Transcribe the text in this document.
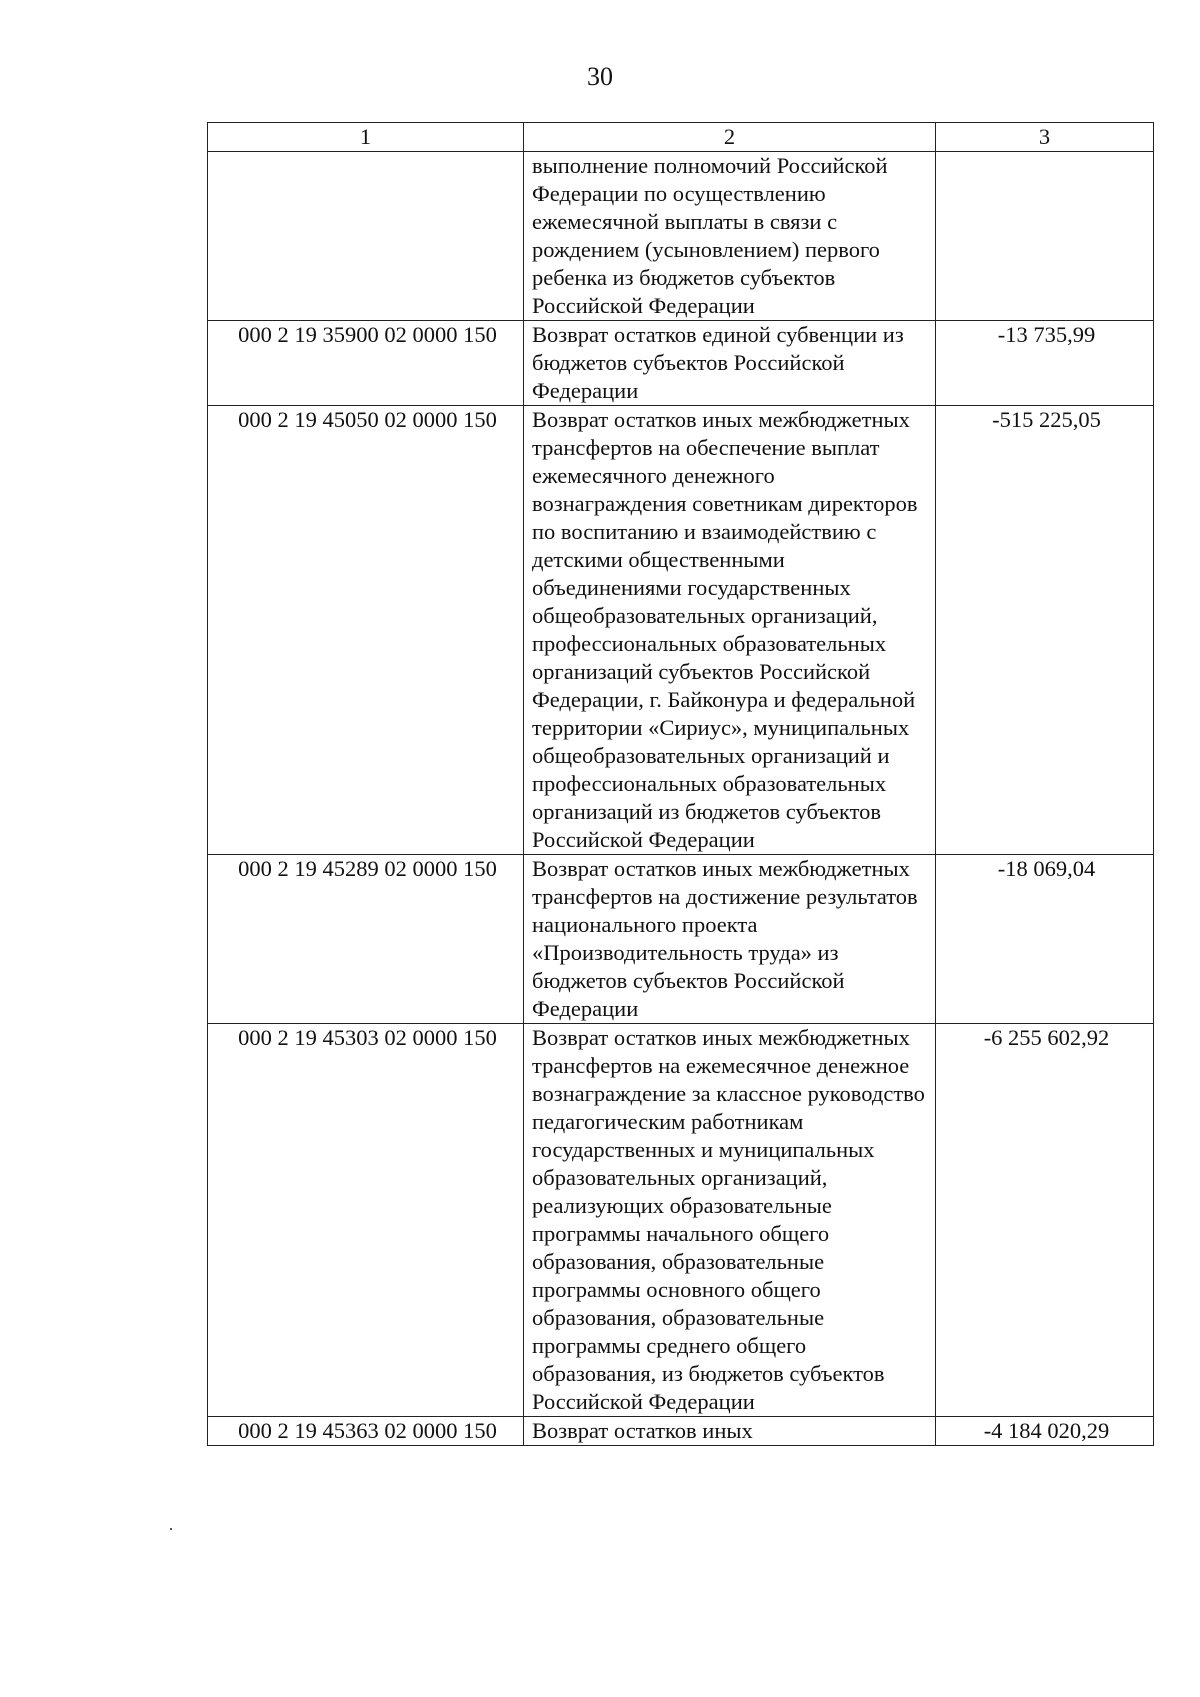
30
1	2	3
	выполнение полномочий Российской Федерации по осуществлению ежемесячной выплаты в связи с рождением (усыновлением) первого ребенка из бюджетов субъектов Российской Федерации	
000 2 19 35900 02 0000 150	Возврат остатков единой субвенции из бюджетов субъектов Российской Федерации	-13 735,99
000 2 19 45050 02 0000 150	Возврат остатков иных межбюджетных трансфертов на обеспечение выплат ежемесячного денежного вознаграждения советникам директоров по воспитанию и взаимодействию с детскими общественными объединениями государственных общеобразовательных организаций, профессиональных образовательных организаций субъектов Российской Федерации, г. Байконура и федеральной территории «Сириус», муниципальных общеобразовательных организаций и профессиональных образовательных организаций из бюджетов субъектов Российской Федерации	-515 225,05
000 2 19 45289 02 0000 150	Возврат остатков иных межбюджетных трансфертов на достижение результатов национального проекта «Производительность труда» из бюджетов субъектов Российской Федерации	-18 069,04
000 2 19 45303 02 0000 150	Возврат остатков иных межбюджетных трансфертов на ежемесячное денежное вознаграждение за классное руководство педагогическим работникам государственных и муниципальных образовательных организаций, реализующих образовательные программы начального общего образования, образовательные программы основного общего образования, образовательные программы среднего общего образования, из бюджетов субъектов Российской Федерации	-6 255 602,92
000 2 19 45363 02 0000 150	Возврат остатков иных	-4 184 020,29
